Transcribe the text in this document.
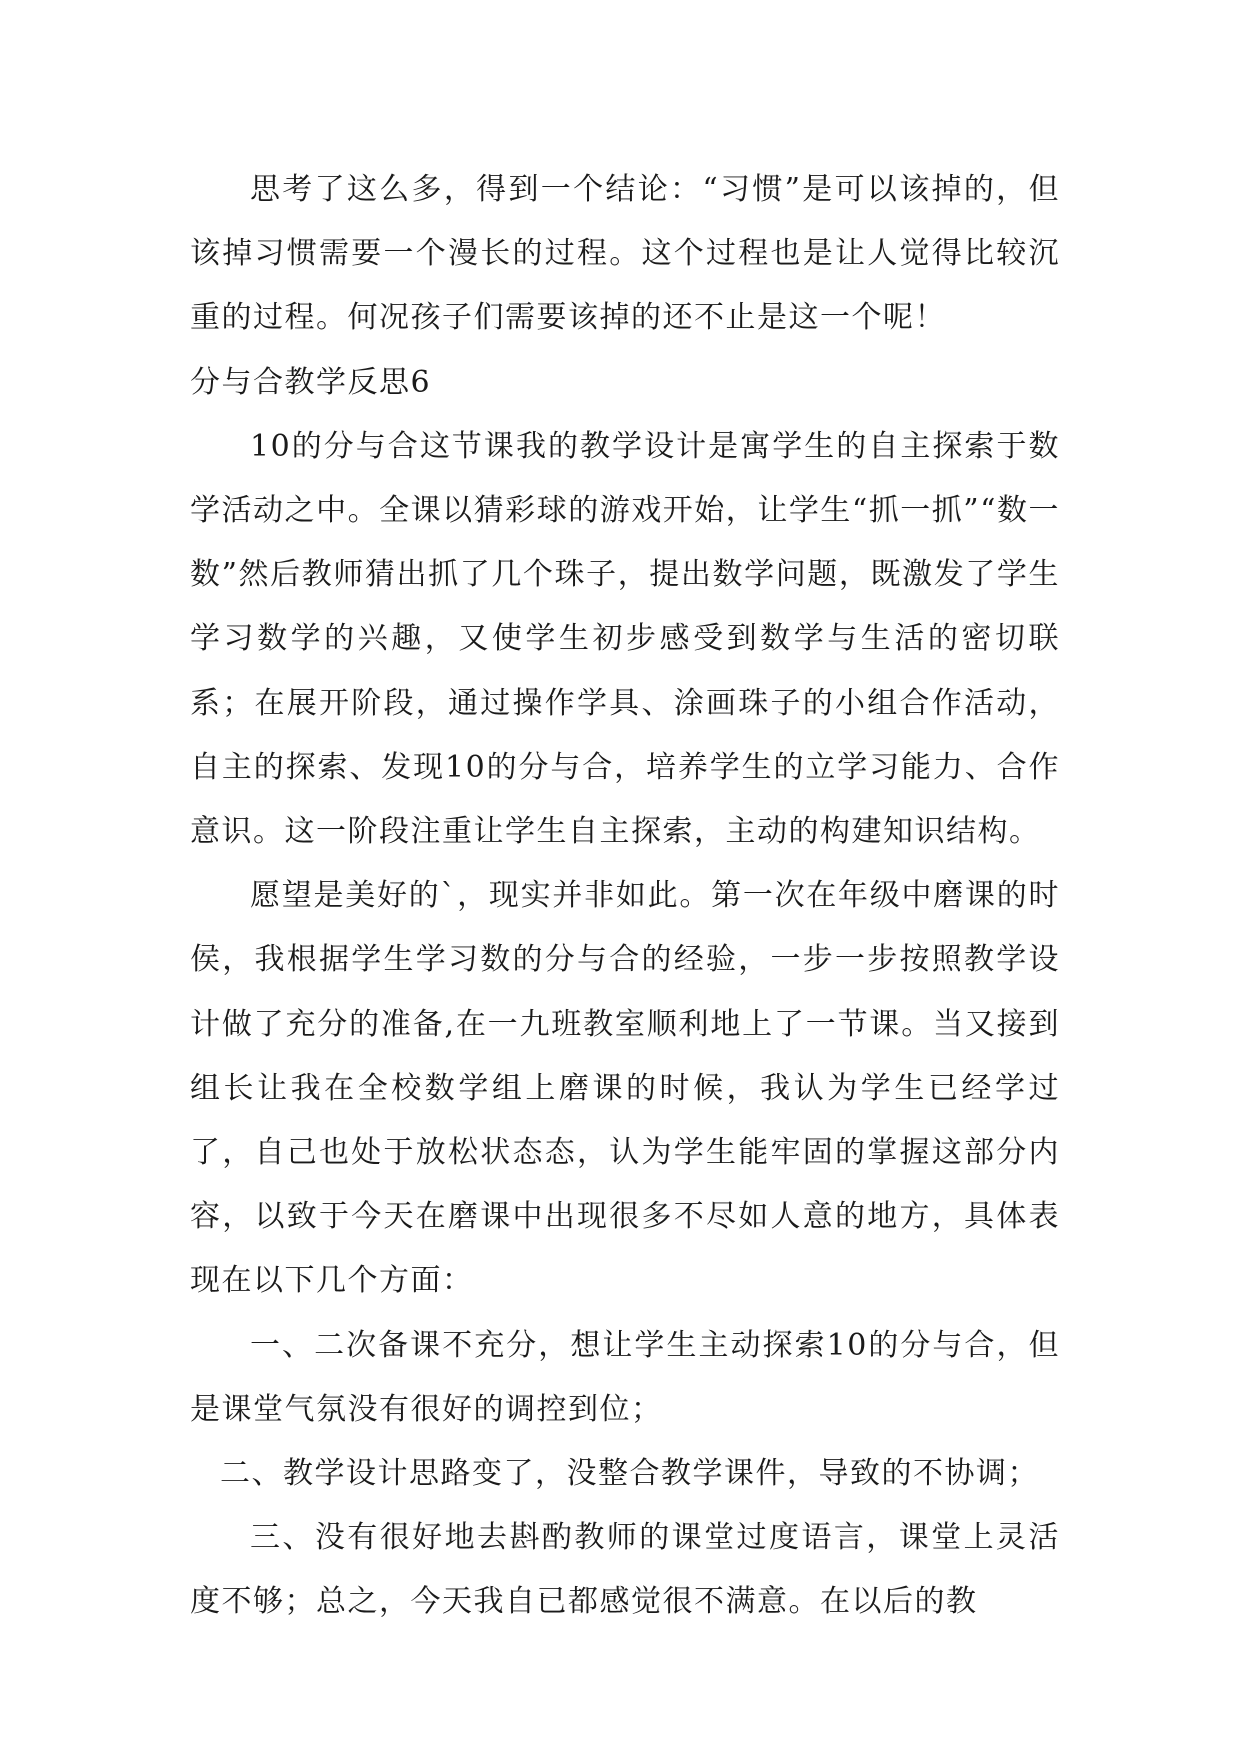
思考了这么多，得到一个结论：“习惯”是可以该掉的，但该掉习惯需要一个漫长的过程。这个过程也是让人觉得比较沉重的过程。何况孩子们需要该掉的还不止是这一个呢！

分与合教学反思6

10的分与合这节课我的教学设计是寓学生的自主探索于数学活动之中。全课以猜彩球的游戏开始，让学生“抓一抓”“数一数”然后教师猜出抓了几个珠子，提出数学问题，既激发了学生学习数学的兴趣，又使学生初步感受到数学与生活的密切联系；在展开阶段，通过操作学具、涂画珠子的小组合作活动，自主的探索、发现10的分与合，培养学生的立学习能力、合作意识。这一阶段注重让学生自主探索，主动的构建知识结构。

愿望是美好的`，现实并非如此。第一次在年级中磨课的时侯，我根据学生学习数的分与合的经验，一步一步按照教学设计做了充分的准备,在一九班教室顺利地上了一节课。当又接到组长让我在全校数学组上磨课的时候，我认为学生已经学过了，自己也处于放松状态态，认为学生能牢固的掌握这部分内容，以致于今天在磨课中出现很多不尽如人意的地方，具体表现在以下几个方面：

一、二次备课不充分，想让学生主动探索10的分与合，但是课堂气氛没有很好的调控到位；

二、教学设计思路变了，没整合教学课件，导致的不协调；

三、没有很好地去斟酌教师的课堂过度语言，课堂上灵活度不够；总之，今天我自已都感觉很不满意。在以后的教
